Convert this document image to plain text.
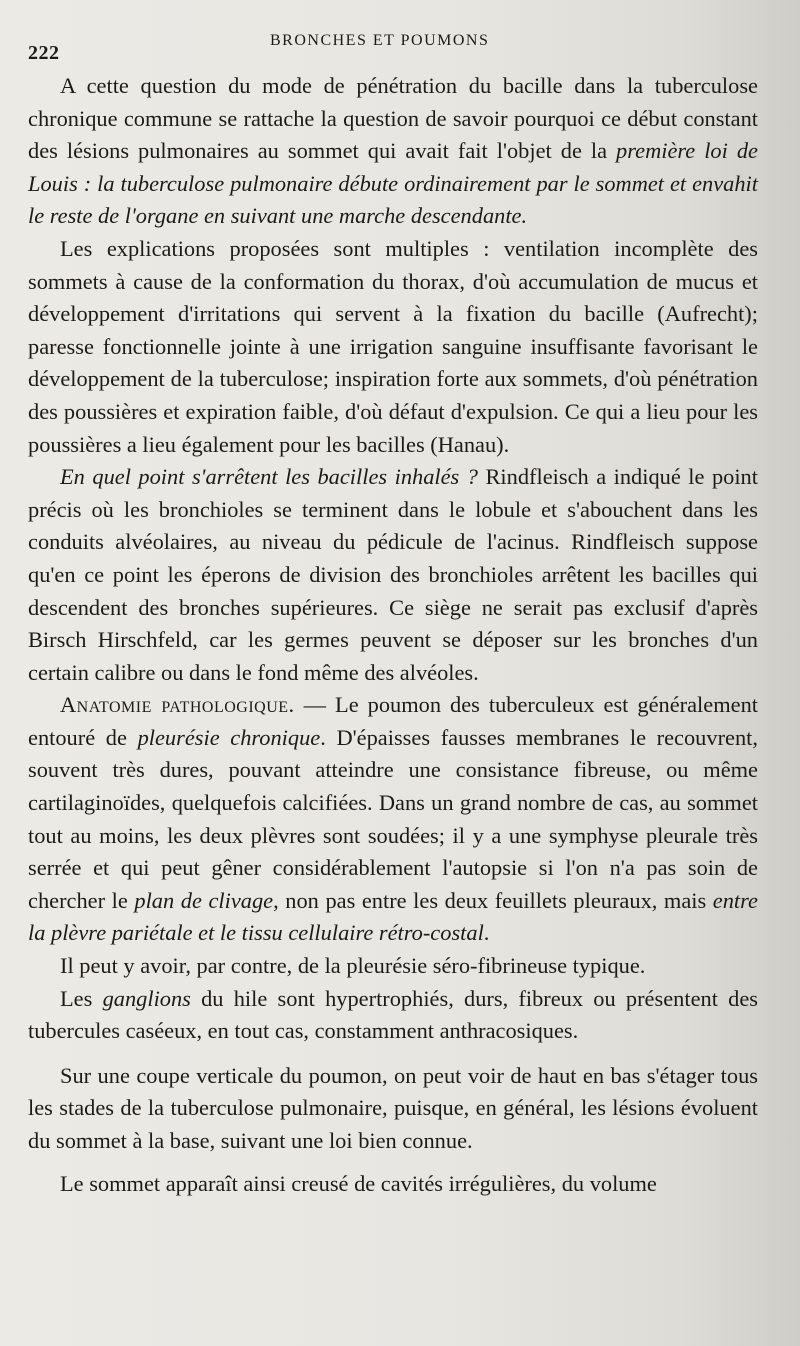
222
BRONCHES ET POUMONS

A cette question du mode de pénétration du bacille dans la tuberculose chronique commune se rattache la question de savoir pourquoi ce début constant des lésions pulmonaires au sommet qui avait fait l'objet de la première loi de Louis : la tuberculose pulmonaire débute ordinairement par le sommet et envahit le reste de l'organe en suivant une marche descendante.

Les explications proposées sont multiples : ventilation incomplète des sommets à cause de la conformation du thorax, d'où accumulation de mucus et développement d'irritations qui servent à la fixation du bacille (Aufrecht); paresse fonctionnelle jointe à une irrigation sanguine insuffisante favorisant le développement de la tuberculose; inspiration forte aux sommets, d'où pénétration des poussières et expiration faible, d'où défaut d'expulsion. Ce qui a lieu pour les poussières a lieu également pour les bacilles (Hanau).

En quel point s'arrêtent les bacilles inhalés ? Rindfleisch a indiqué le point précis où les bronchioles se terminent dans le lobule et s'abouchent dans les conduits alvéolaires, au niveau du pédicule de l'acinus. Rindfleisch suppose qu'en ce point les éperons de division des bronchioles arrêtent les bacilles qui descendent des bronches supérieures. Ce siège ne serait pas exclusif d'après Birsch Hirschfeld, car les germes peuvent se déposer sur les bronches d'un certain calibre ou dans le fond même des alvéoles.

Anatomie pathologique. — Le poumon des tuberculeux est généralement entouré de pleurésie chronique. D'épaisses fausses membranes le recouvrent, souvent très dures, pouvant atteindre une consistance fibreuse, ou même cartilaginoïdes, quelquefois calcifiées. Dans un grand nombre de cas, au sommet tout au moins, les deux plèvres sont soudées; il y a une symphyse pleurale très serrée et qui peut gêner considérablement l'autopsie si l'on n'a pas soin de chercher le plan de clivage, non pas entre les deux feuillets pleuraux, mais entre la plèvre pariétale et le tissu cellulaire rétro-costal.

Il peut y avoir, par contre, de la pleurésie séro-fibrineuse typique.

Les ganglions du hile sont hypertrophiés, durs, fibreux ou présentent des tubercules caséeux, en tout cas, constamment anthracosiques.

Sur une coupe verticale du poumon, on peut voir de haut en bas s'étager tous les stades de la tuberculose pulmonaire, puisque, en général, les lésions évoluent du sommet à la base, suivant une loi bien connue.

Le sommet apparaît ainsi creusé de cavités irrégulières, du volume
